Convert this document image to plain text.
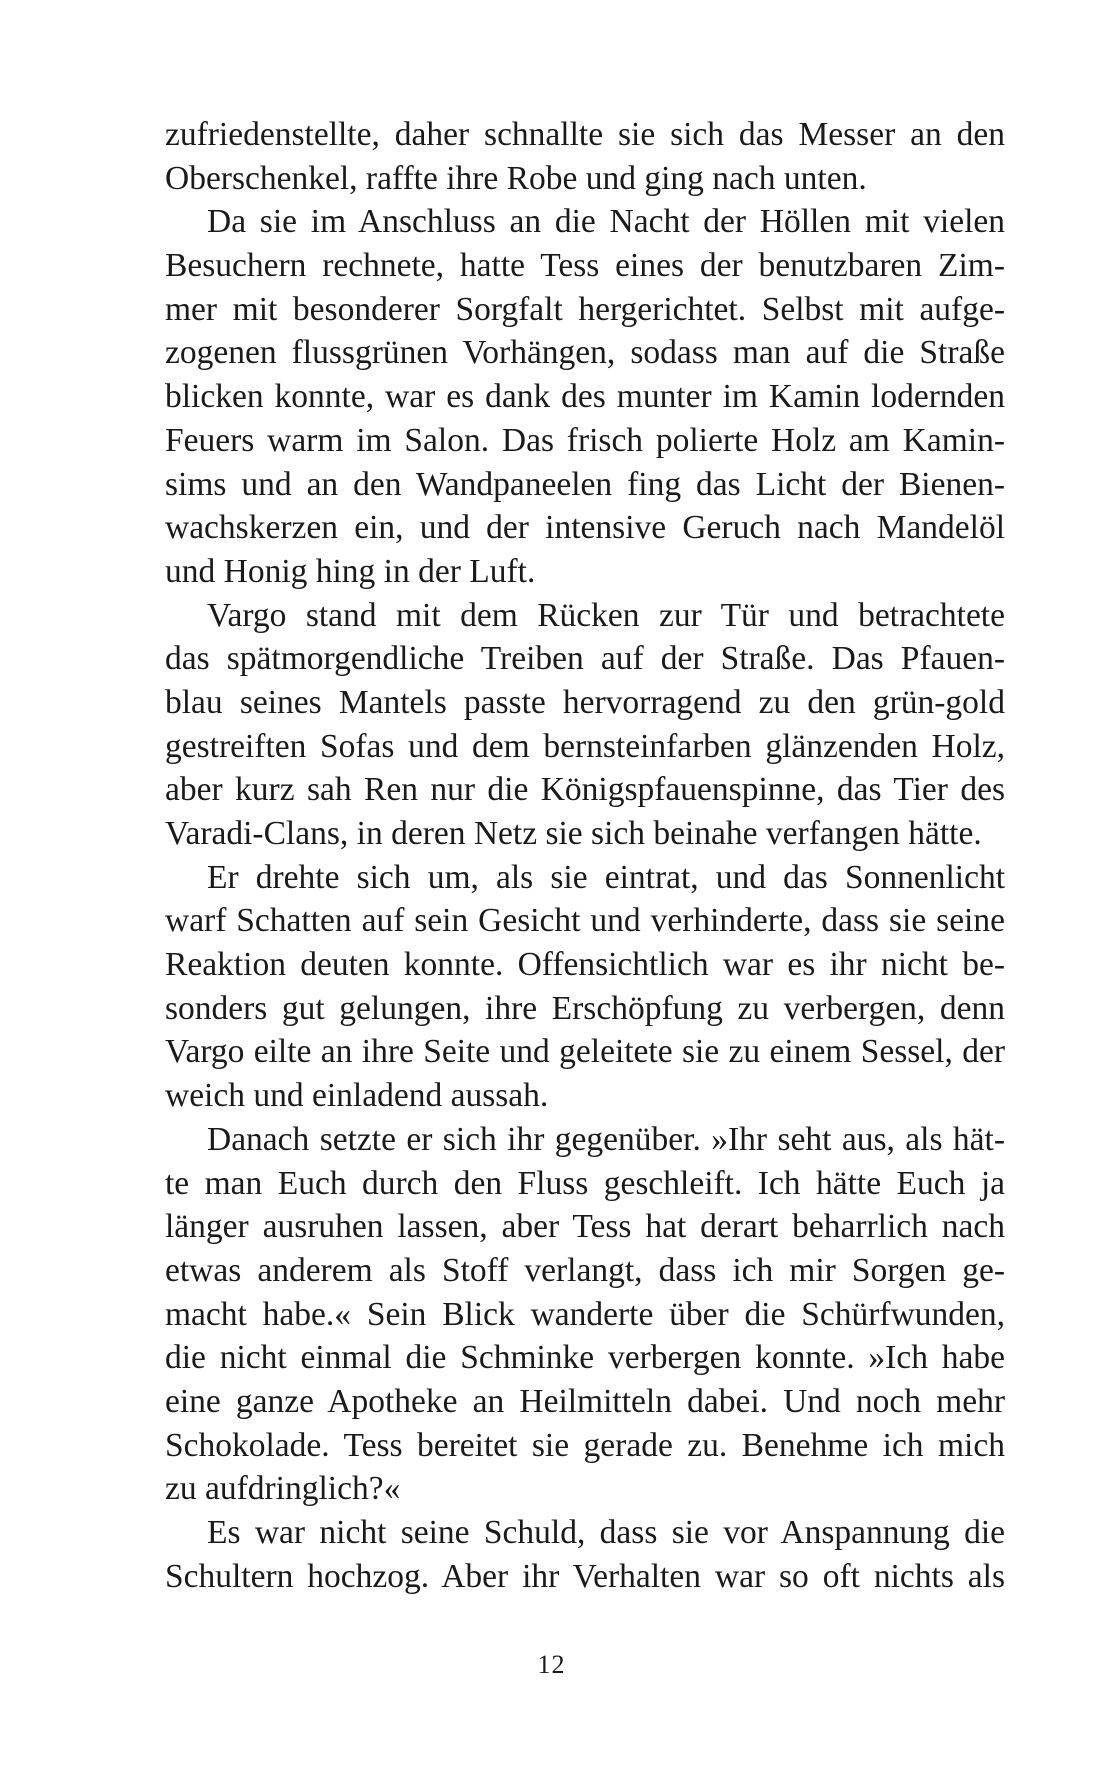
zufriedenstellte, daher schnallte sie sich das Messer an den
Oberschenkel, raffte ihre Robe und ging nach unten.
Da sie im Anschluss an die Nacht der Höllen mit vielen
Besuchern rechnete, hatte Tess eines der benutzbaren Zim-
mer mit besonderer Sorgfalt hergerichtet. Selbst mit aufge-
zogenen flussgrünen Vorhängen, sodass man auf die Straße
blicken konnte, war es dank des munter im Kamin lodernden
Feuers warm im Salon. Das frisch polierte Holz am Kamin-
sims und an den Wandpaneelen fing das Licht der Bienen-
wachskerzen ein, und der intensive Geruch nach Mandelöl
und Honig hing in der Luft.
Vargo stand mit dem Rücken zur Tür und betrachtete
das spätmorgendliche Treiben auf der Straße. Das Pfauen-
blau seines Mantels passte hervorragend zu den grün-gold
gestreiften Sofas und dem bernsteinfarben glänzenden Holz,
aber kurz sah Ren nur die Königspfauenspinne, das Tier des
Varadi-Clans, in deren Netz sie sich beinahe verfangen hätte.
Er drehte sich um, als sie eintrat, und das Sonnenlicht
warf Schatten auf sein Gesicht und verhinderte, dass sie seine
Reaktion deuten konnte. Offensichtlich war es ihr nicht be-
sonders gut gelungen, ihre Erschöpfung zu verbergen, denn
Vargo eilte an ihre Seite und geleitete sie zu einem Sessel, der
weich und einladend aussah.
Danach setzte er sich ihr gegenüber. »Ihr seht aus, als hät-
te man Euch durch den Fluss geschleift. Ich hätte Euch ja
länger ausruhen lassen, aber Tess hat derart beharrlich nach
etwas anderem als Stoff verlangt, dass ich mir Sorgen ge-
macht habe.« Sein Blick wanderte über die Schürfwunden,
die nicht einmal die Schminke verbergen konnte. »Ich habe
eine ganze Apotheke an Heilmitteln dabei. Und noch mehr
Schokolade. Tess bereitet sie gerade zu. Benehme ich mich
zu aufdringlich?«
Es war nicht seine Schuld, dass sie vor Anspannung die
Schultern hochzog. Aber ihr Verhalten war so oft nichts als
12
